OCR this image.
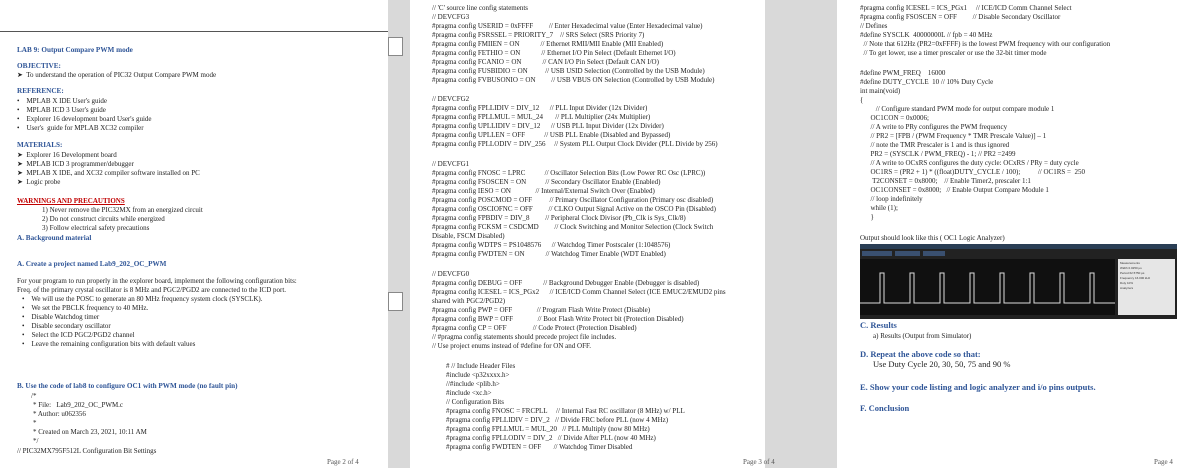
LAB 9: Output Compare PWM mode
OBJECTIVE:
➤  To understand the operation of PIC32 Output Compare PWM mode
REFERENCE:
•    MPLAB X IDE User's guide
•    MPLAB ICD 3 User's guide
•    Explorer 16 development board User's guide
•    User's  guide for MPLAB XC32 compiler
MATERIALS:
➤  Explorer 16 Development board
➤  MPLAB ICD 3 programmer/debugger
➤  MPLAB X IDE, and XC32 compiler software installed on PC
➤  Logic probe
WARNINGS AND PRECAUTIONS
1) Never remove the PIC32MX from an energized circuit
2) Do not construct circuits while energized
3) Follow electrical safety precautions
A. Background material
A. Create a project named Lab9_202_OC_PWM
For your program to run properly in the explorer board, implement the following configuration bits:
Freq. of the primary crystal oscillator is 8 MHz and PGC2/PGD2 are connected to the ICD port.
•    We will use the POSC to generate an 80 MHz frequency system clock (SYSCLK).
•    We set the PBCLK frequency to 40 MHz.
•    Disable Watchdog timer
•    Disable secondary oscillator
•    Select the ICD PGC2/PGD2 channel
•    Leave the remaining configuration bits with default values
B. Use the code of lab8 to configure OC1 with PWM mode (no fault pin)
/*
* File:   Lab9_202_OC_PWM.c
* Author: u062356
*
* Created on March 23, 2021, 10:11 AM
*/
// PIC32MX795F512L Configuration Bit Settings
Page 2 of 4
// 'C' source line config statements
// DEVCFG3
#pragma config USERID = 0xFFFF         // Enter Hexadecimal value (Enter Hexadecimal value)
#pragma config FSRSSEL = PRIORITY_7    // SRS Select (SRS Priority 7)
#pragma config FMIIEN = ON            // Ethernet RMII/MII Enable (MII Enabled)
#pragma config FETHIO = ON            // Ethernet I/O Pin Select (Default Ethernet I/O)
#pragma config FCANIO = ON            // CAN I/O Pin Select (Default CAN I/O)
#pragma config FUSBIDIO = ON          // USB USID Selection (Controlled by the USB Module)
#pragma config FVBUSONIO = ON         // USB VBUS ON Selection (Controlled by USB Module)
// DEVCFG2
#pragma config FPLLIDIV = DIV_12      // PLL Input Divider (12x Divider)
#pragma config FPLLMUL = MUL_24       // PLL Multiplier (24x Multiplier)
#pragma config UPLLIDIV = DIV_12      // USB PLL Input Divider (12x Divider)
#pragma config UPLLEN = OFF           // USB PLL Enable (Disabled and Bypassed)
#pragma config FPLLODIV = DIV_256     // System PLL Output Clock Divider (PLL Divide by 256)
// DEVCFG1
#pragma config FNOSC = LPRC           // Oscillator Selection Bits (Low Power RC Osc (LPRC))
#pragma config FSOSCEN = ON           // Secondary Oscillator Enable (Enabled)
#pragma config IESO = ON              // Internal/External Switch Over (Enabled)
#pragma config POSCMOD = OFF          // Primary Oscillator Configuration (Primary osc disabled)
#pragma config OSCIOFNC = OFF         // CLKO Output Signal Active on the OSCO Pin (Disabled)
#pragma config FPBDIV = DIV_8         // Peripheral Clock Divisor (Pb_Clk is Sys_Clk/8)
#pragma config FCKSM = CSDCMD         // Clock Switching and Monitor Selection (Clock Switch
Disable, FSCM Disabled)
#pragma config WDTPS = PS1048576      // Watchdog Timer Postscaler (1:1048576)
#pragma config FWDTEN = ON            // Watchdog Timer Enable (WDT Enabled)
// DEVCFG0
#pragma config DEBUG = OFF            // Background Debugger Enable (Debugger is disabled)
#pragma config ICESEL = ICS_PGx2      // ICE/ICD Comm Channel Select (ICE EMUC2/EMUD2 pins
shared with PGC2/PGD2)
#pragma config PWP = OFF              // Program Flash Write Protect (Disable)
#pragma config BWP = OFF              // Boot Flash Write Protect bit (Protection Disabled)
#pragma config CP = OFF               // Code Protect (Protection Disabled)
// #pragma config statements should precede project file includes.
// Use project enums instead of #define for ON and OFF.
# // Include Header Files
#include <p32xxxx.h>
//#include <plib.h>
#include <xc.h>
// Configuration Bits
#pragma config FNOSC = FRCPLL     // Internal Fast RC oscillator (8 MHz) w/ PLL
#pragma config FPLLIDIV = DIV_2   // Divide FRC before PLL (now 4 MHz)
#pragma config FPLLMUL = MUL_20   // PLL Multiply (now 80 MHz)
#pragma config FPLLODIV = DIV_2   // Divide After PLL (now 40 MHz)
#pragma config FWDTEN = OFF       // Watchdog Timer Disabled
Page 3 of 4
#pragma config ICESEL = ICS_PGx1     // ICE/ICD Comm Channel Select
#pragma config FSOSCEN = OFF         // Disable Secondary Oscillator
// Defines
#define SYSCLK  40000000L // fpb = 40 MHz
// Note that 612Hz (PR2=0xFFFF) is the lowest PWM frequency with our configuration
// To get lower, use a timer prescaler or use the 32-bit timer mode
#define PWM_FREQ    16000
#define DUTY_CYCLE  10 // 10% Duty Cycle
int main(void)
{
// Configure standard PWM mode for output compare module 1
OC1CON = 0x0006;
// A write to PRy configures the PWM frequency
// PR2 = [FPB / (PWM Frequency * TMR Prescale Value)] – 1
// note the TMR Prescaler is 1 and is thus ignored
PR2 = (SYSCLK / PWM_FREQ) - 1; // PR2 =2499
// A write to OCxRS configures the duty cycle: OCxRS / PRy = duty cycle
OC1RS = (PR2 + 1) * ((float)DUTY_CYCLE / 100);          // OC1RS =  250
T2CONSET = 0x8000;    // Enable Timer2, prescaler 1:1
OC1CONSET = 0x8000;   // Enable Output Compare Module 1
// loop indefinitely
while (1);
}
Output should look like this ( OC1 Logic Analyzer)
C. Results
a) Results (Output from Simulator)
D. Repeat the above code so that:
Use Duty Cycle 20, 30, 50, 75 and 90 %
E. Show your code listing and logic analyzer and i/o pins outputs.
F. Conclusion
Measurements
Width 0.0250 µs
Period 62.5750 µs
Frequency 16.000 kHz
Duty 10%
Analyzers
Page 4
